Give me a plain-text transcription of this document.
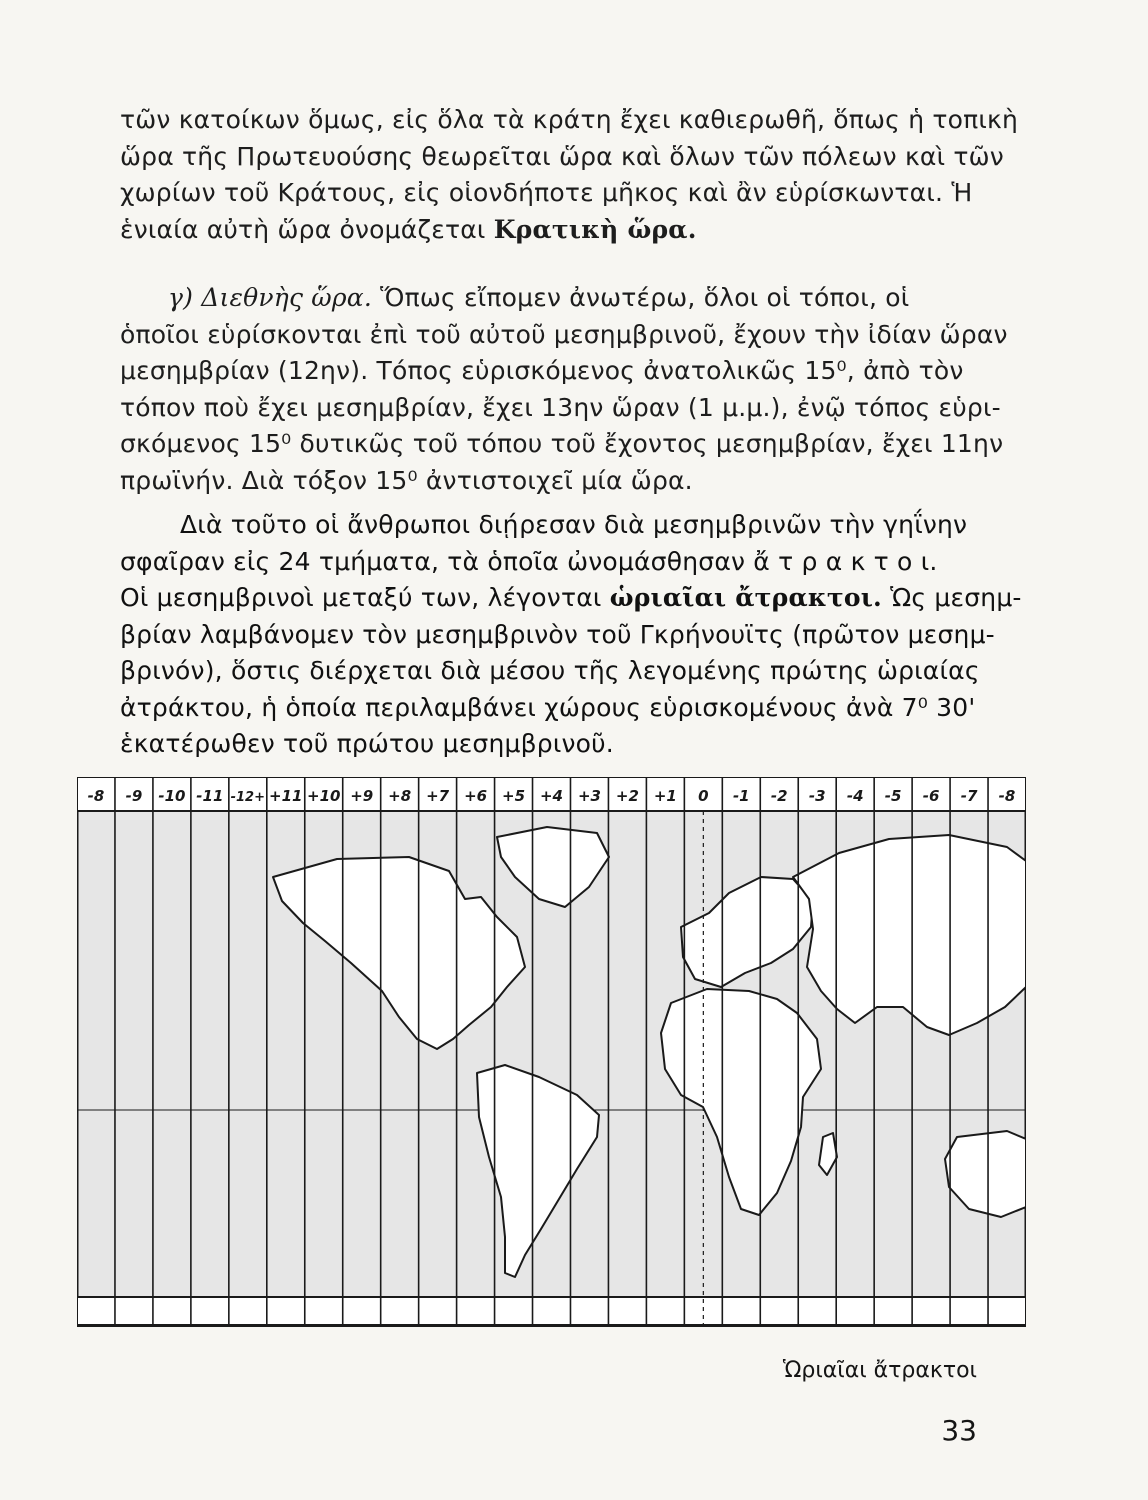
τῶν κατοίκων ὅμως, εἰς ὅλα τὰ κράτη ἔχει καθιερωθῆ, ὅπως ἡ τοπικὴ
ὥρα τῆς Πρωτευούσης θεωρεῖται ὥρα καὶ ὅλων τῶν πόλεων καὶ τῶν
χωρίων τοῦ Κράτους, εἰς οἱονδήποτε μῆκος καὶ ἂν εὑρίσκωνται. Ἡ
ἑνιαία αὐτὴ ὥρα ὀνομάζεται Κρατικὴ ὥρα.
γ) Διεθνὴς ὥρα. Ὅπως εἴπομεν ἀνωτέρω, ὅλοι οἱ τόποι, οἱ
ὁποῖοι εὑρίσκονται ἐπὶ τοῦ αὐτοῦ μεσημβρινοῦ, ἔχουν τὴν ἰδίαν ὥραν
μεσημβρίαν (12ην). Τόπος εὑρισκόμενος ἀνατολικῶς 15⁰, ἀπὸ τὸν
τόπον ποὺ ἔχει μεσημβρίαν, ἔχει 13ην ὥραν (1 μ.μ.), ἐνῷ τόπος εὑρι-
σκόμενος 15⁰ δυτικῶς τοῦ τόπου τοῦ ἔχοντος μεσημβρίαν, ἔχει 11ην
πρωϊνήν. Διὰ τόξον 15⁰ ἀντιστοιχεῖ μία ὥρα.
Διὰ τοῦτο οἱ ἄνθρωποι διῄρεσαν διὰ μεσημβρινῶν τὴν γηΐνην
σφαῖραν εἰς 24 τμήματα, τὰ ὁποῖα ὠνομάσθησαν ἄ τ ρ α κ τ ο ι.
Οἱ μεσημβρινοὶ μεταξύ των, λέγονται ὡριαῖαι ἄτρακτοι. Ὡς μεσημ-
βρίαν λαμβάνομεν τὸν μεσημβρινὸν τοῦ Γκρήνουϊτς (πρῶτον μεσημ-
βρινόν), ὅστις διέρχεται διὰ μέσου τῆς λεγομένης πρώτης ὡριαίας
ἀτράκτου, ἡ ὁποία περιλαμβάνει χώρους εὑρισκομένους ἀνὰ 7⁰ 30'
ἑκατέρωθεν τοῦ πρώτου μεσημβρινοῦ.
-8 -9 -10 -11 -12+ +11 +10 +9 +8 +7 +6 +5 +4 +3 +2 +1 0 -1 -2 -3 -4 -5 -6 -7 -8
Ὡριαῖαι ἄτρακτοι
33
